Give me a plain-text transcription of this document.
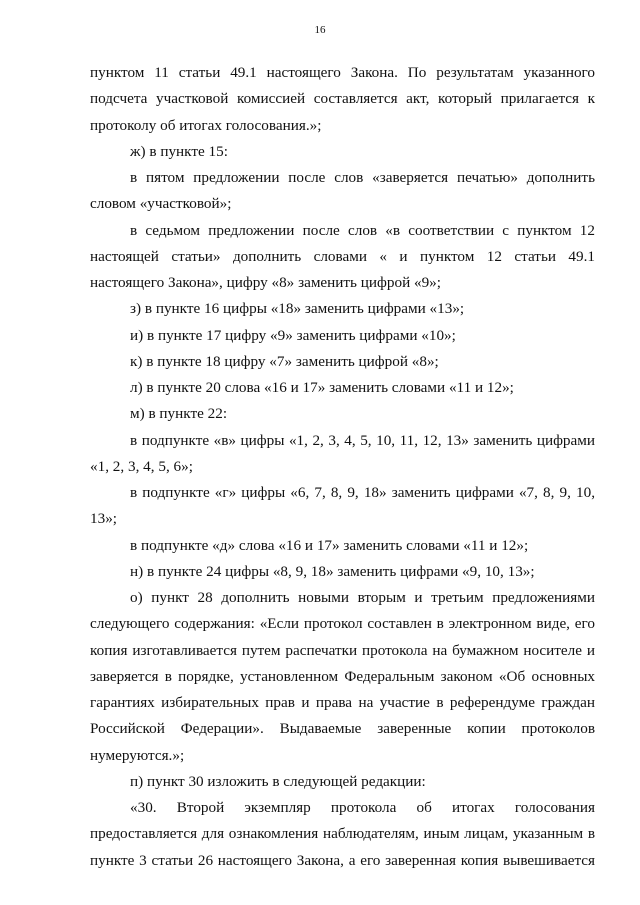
16

пунктом 11 статьи 49.1 настоящего Закона. По результатам указанного подсчета участковой комиссией составляется акт, который прилагается к протоколу об итогах голосования.»;

ж) в пункте 15:

в пятом предложении после слов «заверяется печатью» дополнить словом «участковой»;

в седьмом предложении после слов «в соответствии с пунктом 12 настоящей статьи» дополнить словами « и пунктом 12 статьи 49.1 настоящего Закона», цифру «8» заменить цифрой «9»;

з) в пункте 16 цифры «18» заменить цифрами «13»;

и) в пункте 17 цифру «9» заменить цифрами «10»;

к) в пункте 18 цифру «7» заменить цифрой «8»;

л) в пункте 20 слова «16 и 17» заменить словами «11 и 12»;

м) в пункте 22:

в подпункте «в» цифры «1, 2, 3, 4, 5, 10, 11, 12, 13» заменить цифрами «1, 2, 3, 4, 5, 6»;

в подпункте «г» цифры «6, 7, 8, 9, 18» заменить цифрами «7, 8, 9, 10, 13»;

в подпункте «д» слова «16 и 17» заменить словами «11 и 12»;

н) в пункте 24 цифры «8, 9, 18» заменить цифрами «9, 10, 13»;

о) пункт 28 дополнить новыми вторым и третьим предложениями следующего содержания: «Если протокол составлен в электронном виде, его копия изготавливается путем распечатки протокола на бумажном носителе и заверяется в порядке, установленном Федеральным законом «Об основных гарантиях избирательных прав и права на участие в референдуме граждан Российской Федерации». Выдаваемые заверенные копии протоколов нумеруются.»;

п) пункт 30 изложить в следующей редакции:

«30. Второй экземпляр протокола об итогах голосования предоставляется для ознакомления наблюдателям, иным лицам, указанным в пункте 3 статьи 26 настоящего Закона, а его заверенная копия вывешивается
